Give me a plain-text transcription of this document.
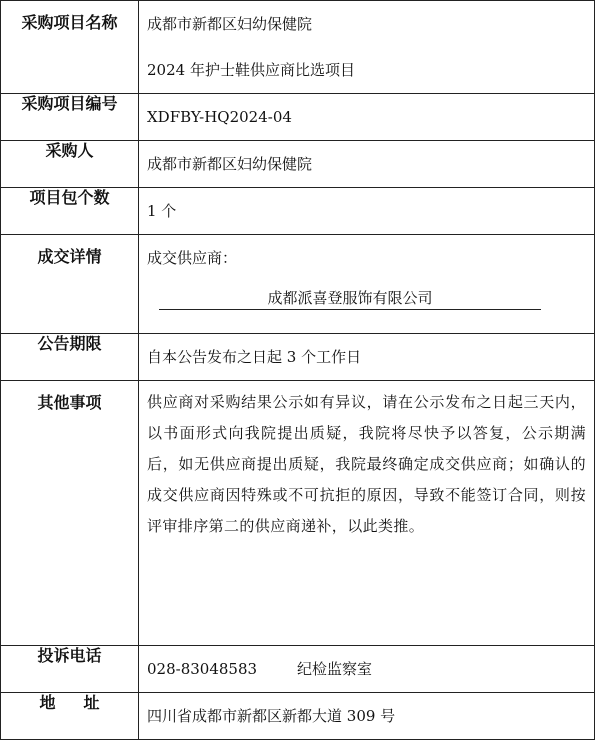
采购项目名称	成都市新都区妇幼保健院
2024 年护士鞋供应商比选项目

采购项目编号	XDFBY-HQ2024-04

采购人	成都市新都区妇幼保健院

项目包个数	1 个

成交详情	成交供应商：
成都派喜登服饰有限公司

公告期限	自本公告发布之日起 3 个工作日

其他事项	供应商对采购结果公示如有异议，请在公示发布之日起三天内，以书面形式向我院提出质疑，我院将尽快予以答复，公示期满后，如无供应商提出质疑，我院最终确定成交供应商；如确认的成交供应商因特殊或不可抗拒的原因，导致不能签订合同，则按评审排序第二的供应商递补，以此类推。

投诉电话	028-83048583 纪检监察室

地址	四川省成都市新都区新都大道 309 号
